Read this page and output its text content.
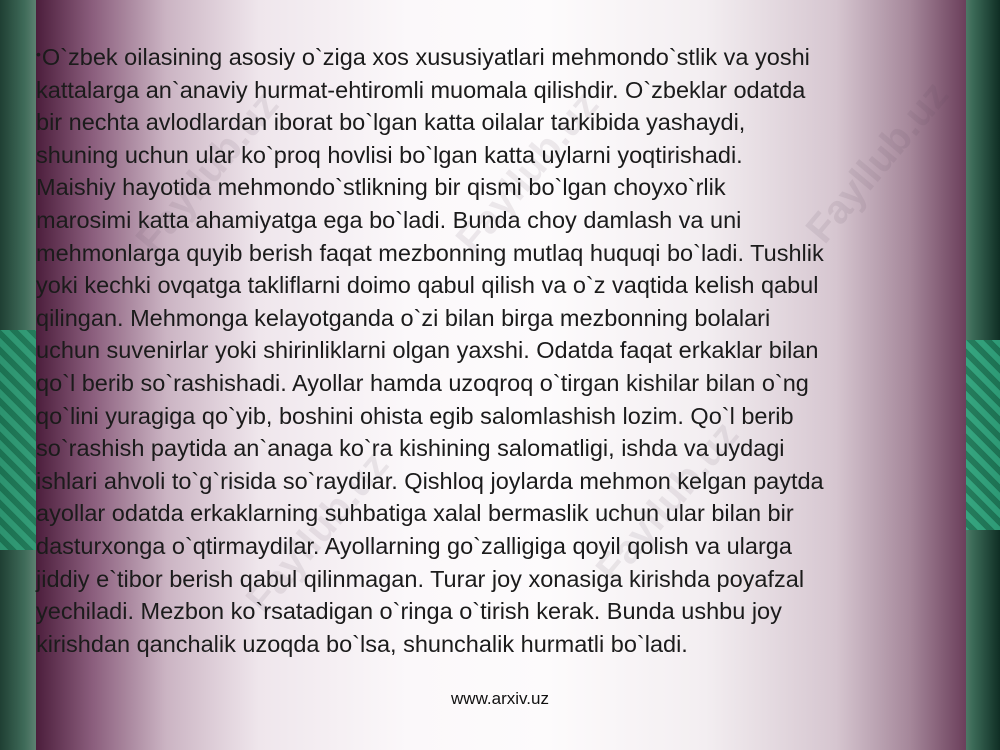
•O`zbek oilasining asosiy o`ziga xos xususiyatlari mehmondo`stlik va yoshi
kattalarga an`anaviy hurmat-ehtiromli muomala qilishdir. O`zbeklar odatda
bir nechta avlodlardan iborat bo`lgan katta oilalar tarkibida yashaydi,
shuning uchun ular ko`proq hovlisi bo`lgan katta uylarni yoqtirishadi.
Maishiy hayotida mehmondo`stlikning bir qismi bo`lgan choyxo`rlik
marosimi katta ahamiyatga ega bo`ladi. Bunda choy damlash va uni
mehmonlarga quyib berish faqat mezbonning mutlaq huquqi bo`ladi. Tushlik
yoki kechki ovqatga takliflarni doimo qabul qilish va o`z vaqtida kelish qabul
qilingan. Mehmonga kelayotganda o`zi bilan birga mezbonning bolalari
uchun suvenirlar yoki shirinliklarni olgan yaxshi. Odatda faqat erkaklar bilan
qo`l berib so`rashishadi. Ayollar hamda uzoqroq o`tirgan kishilar bilan o`ng
qo`lini yuragiga qo`yib, boshini ohista egib salomlashish lozim. Qo`l berib
so`rashish paytida an`anaga ko`ra kishining salomatligi, ishda va uydagi
ishlari ahvoli to`g`risida so`raydilar. Qishloq joylarda mehmon kelgan paytda
ayollar odatda erkaklarning suhbatiga xalal bermaslik uchun ular bilan bir
dasturxonga o`qtirmaydilar. Ayollarning go`zalligiga qoyil qolish va ularga
jiddiy e`tibor berish qabul qilinmagan. Turar joy xonasiga kirishda poyafzal
yechiladi. Mezbon ko`rsatadigan o`ringa o`tirish kerak. Bunda ushbu joy
kirishdan qanchalik uzoqda bo`lsa, shunchalik hurmatli bo`ladi.
www.arxiv.uz
